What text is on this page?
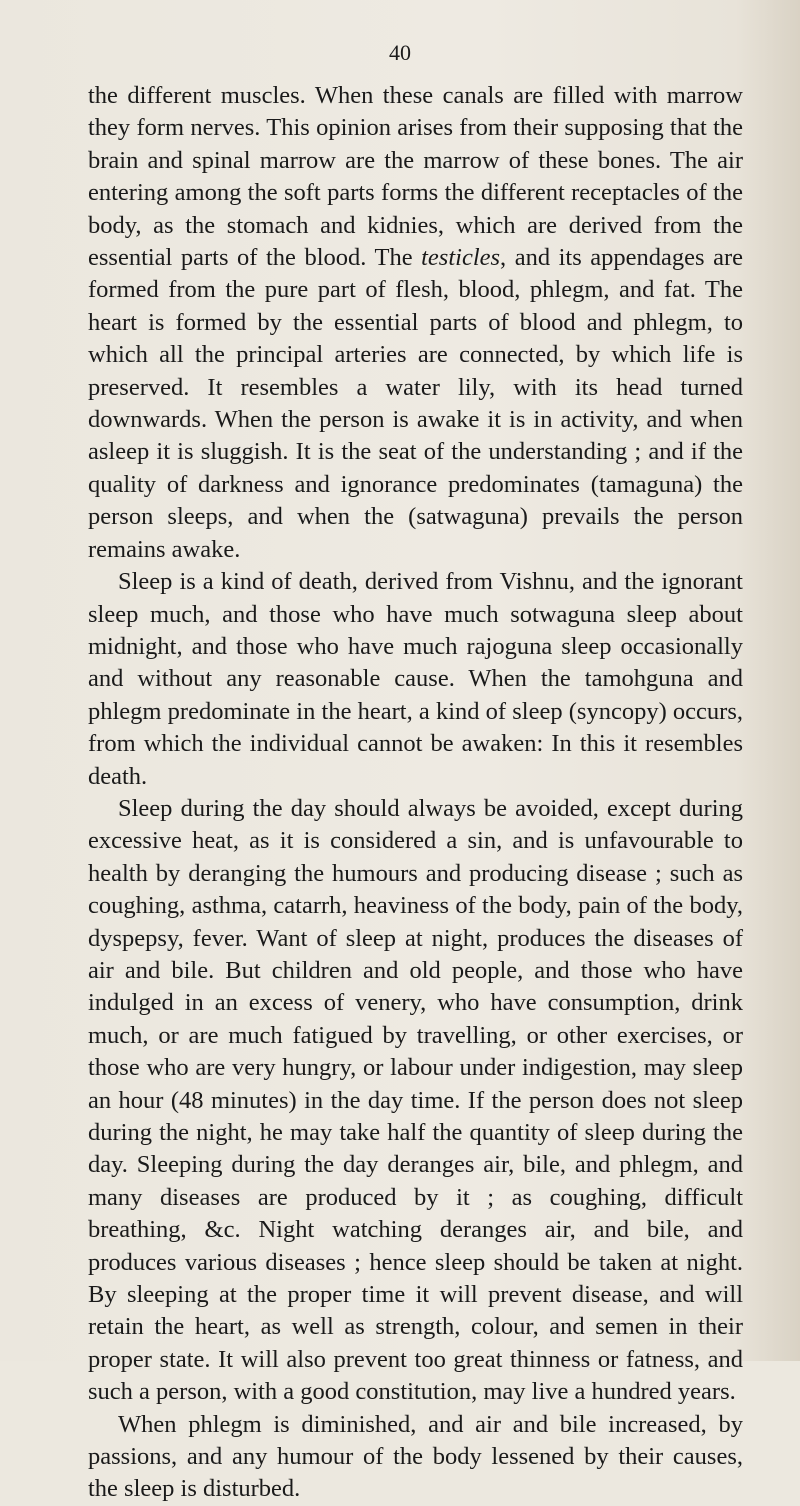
40

the different muscles. When these canals are filled with marrow they form nerves. This opinion arises from their supposing that the brain and spinal marrow are the marrow of these bones. The air entering among the soft parts forms the different receptacles of the body, as the stomach and kidnies, which are derived from the essential parts of the blood. The testicles, and its appendages are formed from the pure part of flesh, blood, phlegm, and fat. The heart is formed by the essential parts of blood and phlegm, to which all the principal arteries are connected, by which life is preserved. It resembles a water lily, with its head turned downwards. When the person is awake it is in activity, and when asleep it is sluggish. It is the seat of the understanding ; and if the quality of darkness and ignorance predominates (tamaguna) the person sleeps, and when the (satwaguna) prevails the person remains awake.

Sleep is a kind of death, derived from Vishnu, and the ignorant sleep much, and those who have much sotwaguna sleep about midnight, and those who have much rajoguna sleep occasionally and without any reasonable cause. When the tamohguna and phlegm predominate in the heart, a kind of sleep (syncopy) occurs, from which the individual cannot be awaken: In this it resembles death.

Sleep during the day should always be avoided, except during excessive heat, as it is considered a sin, and is unfavourable to health by deranging the humours and producing disease ; such as coughing, asthma, catarrh, heaviness of the body, pain of the body, dyspepsy, fever. Want of sleep at night, produces the diseases of air and bile. But children and old people, and those who have indulged in an excess of venery, who have consumption, drink much, or are much fatigued by travelling, or other exercises, or those who are very hungry, or labour under indigestion, may sleep an hour (48 minutes) in the day time. If the person does not sleep during the night, he may take half the quantity of sleep during the day. Sleeping during the day deranges air, bile, and phlegm, and many diseases are produced by it ; as coughing, difficult breathing, &c. Night watching deranges air, and bile, and produces various diseases ; hence sleep should be taken at night. By sleeping at the proper time it will prevent disease, and will retain the heart, as well as strength, colour, and semen in their proper state. It will also prevent too great thinness or fatness, and such a person, with a good constitution, may live a hundred years.

When phlegm is diminished, and air and bile increased, by passions, and any humour of the body lessened by their causes, the sleep is disturbed.
